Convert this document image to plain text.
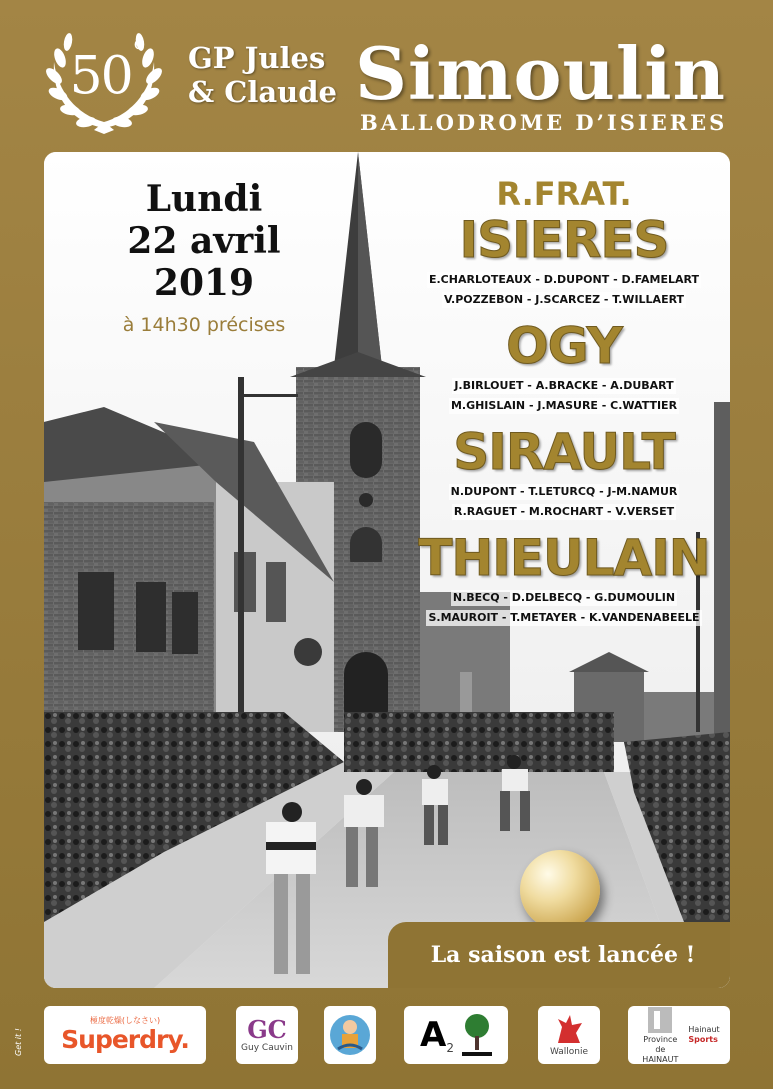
50e GP Jules
& Claude Simoulin
BALLODROME D’ISIERES
Lundi
22 avril
2019
à 14h30 précises
R.FRAT.
ISIERES
E.CHARLOTEAUX - D.DUPONT - D.FAMELART
V.POZZEBON - J.SCARCEZ - T.WILLAERT
OGY
J.BIRLOUET - A.BRACKE - A.DUBART
M.GHISLAIN - J.MASURE - C.WATTIER
SIRAULT
N.DUPONT - T.LETURCQ - J-M.NAMUR
R.RAGUET - M.ROCHART - V.VERSET
THIEULAIN
N.BECQ - D.DELBECQ - G.DUMOULIN
S.MAUROIT - T.METAYER - K.VANDENABEELE
La saison est lancée !
Get it !
極度乾燥(しなさい)
Superdry. GC
Guy Cauvin	A 2	Wallonie
Province de HAINAUT
Hainaut
Sports
